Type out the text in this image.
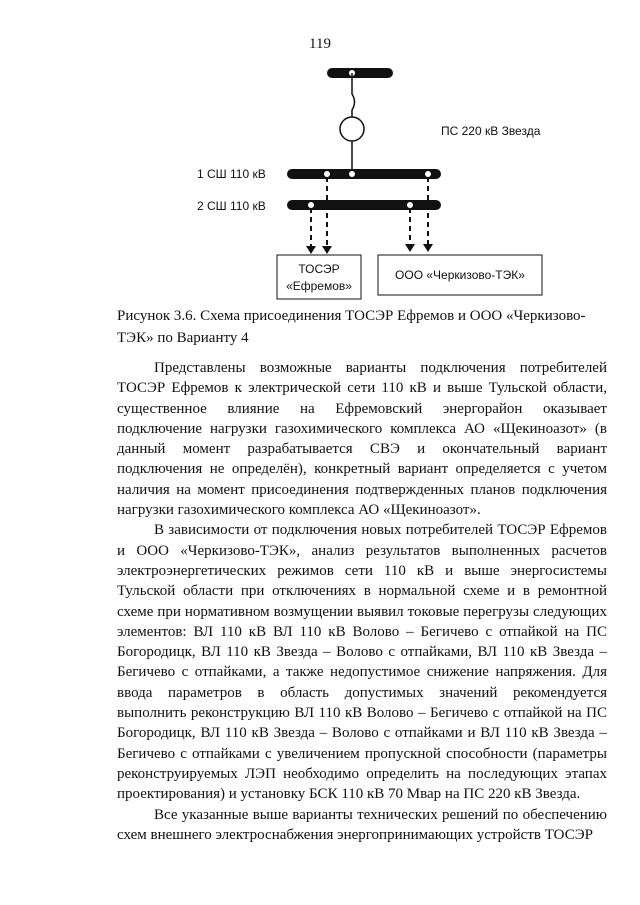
119
ПС 220 кВ Звезда
1 СШ 110 кВ
2 СШ 110 кВ
ТОСЭР
«Ефремов»
ООО «Черкизово-ТЭК»
Рисунок 3.6. Схема присоединения ТОСЭР Ефремов и ООО «Черкизово-ТЭК» по Варианту 4

Представлены возможные варианты подключения потребителей ТОСЭР Ефремов к электрической сети 110 кВ и выше Тульской области, существенное влияние на Ефремовский энергорайон оказывает подключение нагрузки газохимического комплекса АО «Щекиноазот» (в данный момент разрабатывается СВЭ и окончательный вариант подключения не определён), конкретный вариант определяется с учетом наличия на момент присоединения подтвержденных планов подключения нагрузки газохимического комплекса АО «Щекиноазот».

В зависимости от подключения новых потребителей ТОСЭР Ефремов и ООО «Черкизово-ТЭК», анализ результатов выполненных расчетов электроэнергетических режимов сети 110 кВ и выше энергосистемы Тульской области при отключениях в нормальной схеме и в ремонтной схеме при нормативном возмущении выявил токовые перегрузы следующих элементов: ВЛ 110 кВ ВЛ 110 кВ Волово – Бегичево с отпайкой на ПС Богородицк, ВЛ 110 кВ Звезда – Волово с отпайками, ВЛ 110 кВ Звезда – Бегичево с отпайками, а также недопустимое снижение напряжения. Для ввода параметров в область допустимых значений рекомендуется выполнить реконструкцию ВЛ 110 кВ Волово – Бегичево с отпайкой на ПС Богородицк, ВЛ 110 кВ Звезда – Волово с отпайками и ВЛ 110 кВ Звезда – Бегичево с отпайками с увеличением пропускной способности (параметры реконструируемых ЛЭП необходимо определить на последующих этапах проектирования) и установку БСК 110 кВ 70 Мвар на ПС 220 кВ Звезда.

Все указанные выше варианты технических решений по обеспечению схем внешнего электроснабжения энергопринимающих устройств ТОСЭР
